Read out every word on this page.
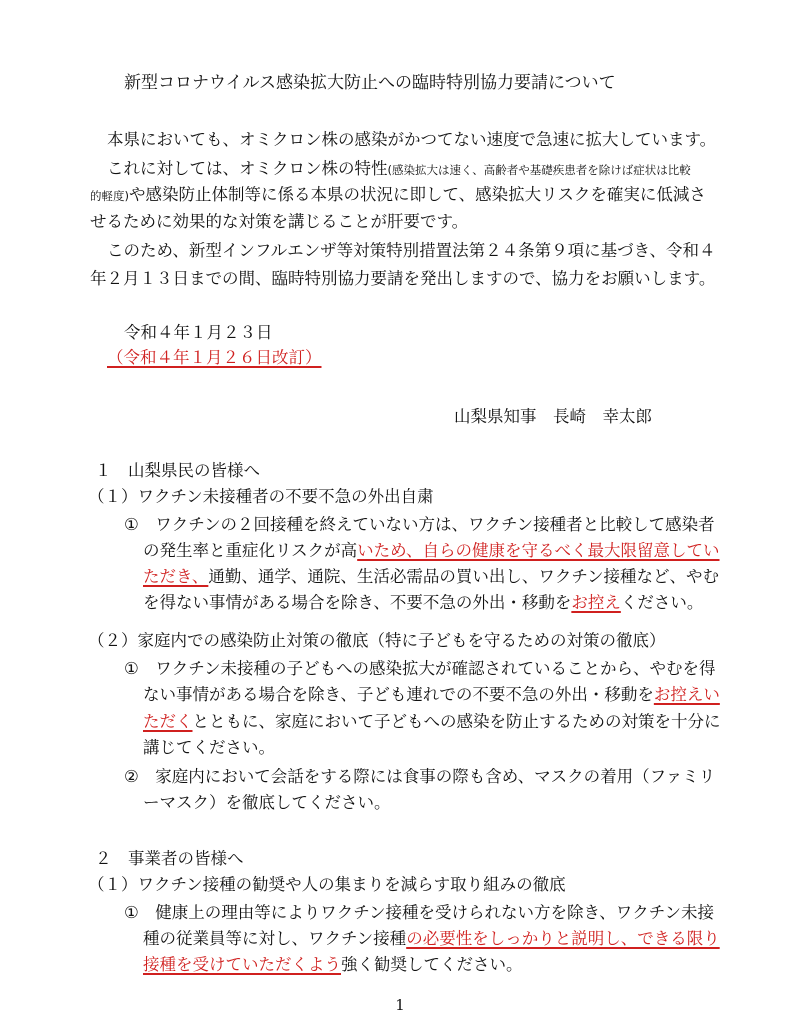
新型コロナウイルス感染拡大防止への臨時特別協力要請について
本県においても、オミクロン株の感染がかつてない速度で急速に拡大しています。
これに対しては、オミクロン株の特性(感染拡大は速く、高齢者や基礎疾患者を除けば症状は比較
的軽度)や感染防止体制等に係る本県の状況に即して、感染拡大リスクを確実に低減さ
せるために効果的な対策を講じることが肝要です。
このため、新型インフルエンザ等対策特別措置法第２４条第９項に基づき、令和４
年２月１３日までの間、臨時特別協力要請を発出しますので、協力をお願いします。
令和４年１月２３日
（令和４年１月２６日改訂）
山梨県知事　長崎　幸太郎
１　山梨県民の皆様へ
（１）ワクチン未接種者の不要不急の外出自粛
①　ワクチンの２回接種を終えていない方は、ワクチン接種者と比較して感染者
の発生率と重症化リスクが高いため、自らの健康を守るべく最大限留意してい
ただき、通勤、通学、通院、生活必需品の買い出し、ワクチン接種など、やむ
を得ない事情がある場合を除き、不要不急の外出・移動をお控えください。
（２）家庭内での感染防止対策の徹底（特に子どもを守るための対策の徹底）
①　ワクチン未接種の子どもへの感染拡大が確認されていることから、やむを得
ない事情がある場合を除き、子ども連れでの不要不急の外出・移動をお控えい
ただくとともに、家庭において子どもへの感染を防止するための対策を十分に
講じてください。
②　家庭内において会話をする際には食事の際も含め、マスクの着用（ファミリ
ーマスク）を徹底してください。
２　事業者の皆様へ
（１）ワクチン接種の勧奨や人の集まりを減らす取り組みの徹底
①　健康上の理由等によりワクチン接種を受けられない方を除き、ワクチン未接
種の従業員等に対し、ワクチン接種の必要性をしっかりと説明し、できる限り
接種を受けていただくよう強く勧奨してください。
1
